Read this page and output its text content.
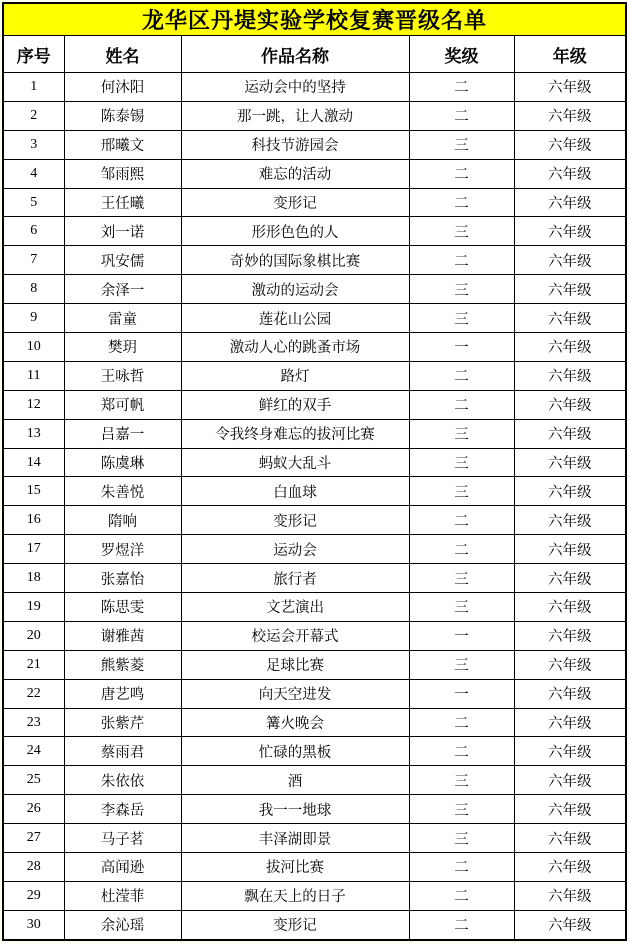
龙华区丹堤实验学校复赛晋级名单				
序号	姓名	作品名称	奖级	年级
1	何沐阳	运动会中的坚持	二	六年级
2	陈泰锡	那一跳，让人激动	二	六年级
3	邢曦文	科技节游园会	三	六年级
4	邹雨熙	难忘的活动	二	六年级
5	王任曦	变形记	二	六年级
6	刘一诺	形形色色的人	三	六年级
7	巩安儒	奇妙的国际象棋比赛	二	六年级
8	余泽一	激动的运动会	三	六年级
9	雷童	莲花山公园	三	六年级
10	樊玥	激动人心的跳蚤市场	一	六年级
11	王咏哲	路灯	二	六年级
12	郑可帆	鲜红的双手	二	六年级
13	吕嘉一	令我终身难忘的拔河比赛	三	六年级
14	陈虞琳	蚂蚁大乱斗	三	六年级
15	朱善悦	白血球	三	六年级
16	隋响	变形记	二	六年级
17	罗煜洋	运动会	二	六年级
18	张嘉怡	旅行者	三	六年级
19	陈思雯	文艺演出	三	六年级
20	谢雅茜	校运会开幕式	一	六年级
21	熊紫菱	足球比赛	三	六年级
22	唐艺鸣	向天空进发	一	六年级
23	张紫芹	篝火晚会	二	六年级
24	蔡雨君	忙碌的黑板	二	六年级
25	朱依依	酒	三	六年级
26	李森岳	我一一地球	三	六年级
27	马子茗	丰泽湖即景	三	六年级
28	高闻逊	拔河比赛	二	六年级
29	杜滢菲	飘在天上的日子	二	六年级
30	余沁瑶	变形记	二	六年级
